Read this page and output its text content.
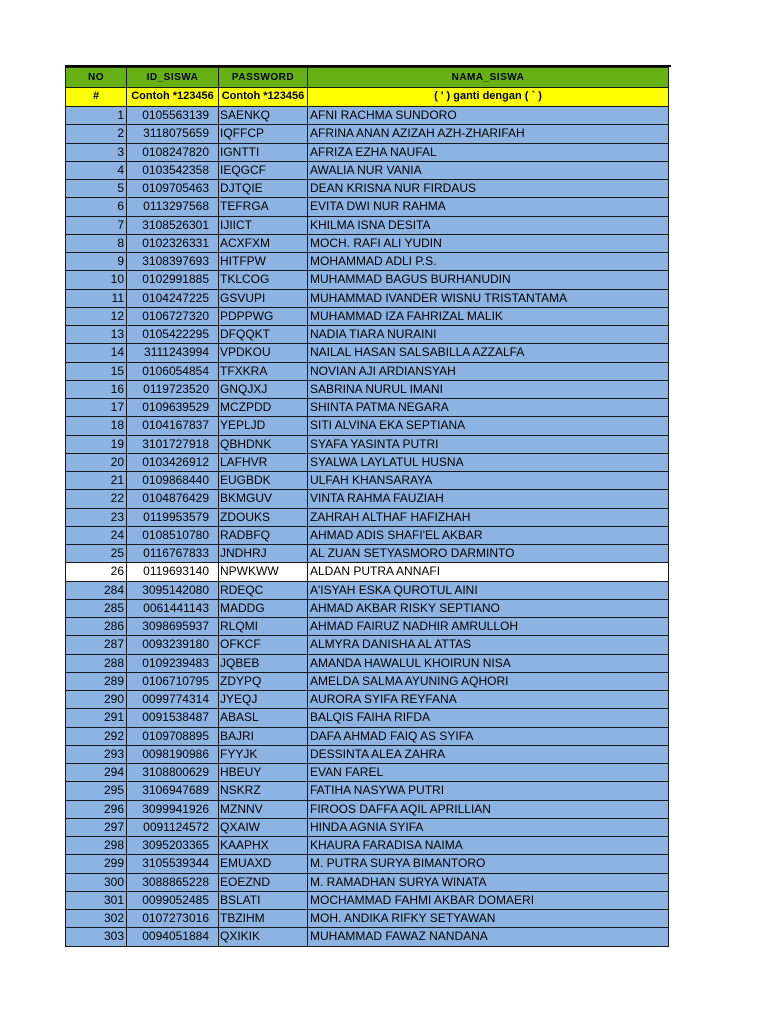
NO	ID_SISWA	PASSWORD	NAMA_SISWA
#	Contoh *123456 Contoh *123456	( ' ) ganti dengan ( ` )
1	0105563139 SAENKQ	AFNI RACHMA SUNDORO
2	3118075659 IQFFCP	AFRINA ANAN AZIZAH AZH-ZHARIFAH
3	0108247820 IGNTTI	AFRIZA EZHA NAUFAL
4	0103542358 IEQGCF	AWALIA NUR VANIA
5	0109705463 DJTQIE	DEAN KRISNA NUR FIRDAUS
6	0113297568 TEFRGA	EVITA DWI NUR RAHMA
7	3108526301 IJIICT	KHILMA ISNA DESITA
8	0102326331 ACXFXM	MOCH. RAFI ALI YUDIN
9	3108397693 HITFPW	MOHAMMAD ADLI P.S.
10	0102991885 TKLCOG	MUHAMMAD BAGUS BURHANUDIN
11	0104247225 GSVUPI	MUHAMMAD IVANDER WISNU TRISTANTAMA
12	0106727320 PDPPWG	MUHAMMAD IZA FAHRIZAL MALIK
13	0105422295 DFQQKT	NADIA TIARA NURAINI
14	3111243994 VPDKOU	NAILAL HASAN SALSABILLA AZZALFA
15	0106054854 TFXKRA	NOVIAN AJI ARDIANSYAH
16	0119723520 GNQJXJ	SABRINA NURUL IMANI
17	0109639529 MCZPDD	SHINTA PATMA NEGARA
18	0104167837 YEPLJD	SITI ALVINA EKA SEPTIANA
19	3101727918 QBHDNK	SYAFA YASINTA PUTRI
20	0103426912 LAFHVR	SYALWA LAYLATUL HUSNA
21	0109868440 EUGBDK	ULFAH KHANSARAYA
22	0104876429 BKMGUV	VINTA RAHMA FAUZIAH
23	0119953579 ZDOUKS	ZAHRAH ALTHAF HAFIZHAH
24	0108510780 RADBFQ	AHMAD ADIS SHAFI'EL AKBAR
25	0116767833 JNDHRJ	AL ZUAN SETYASMORO DARMINTO
26	0119693140 NPWKWW	ALDAN PUTRA ANNAFI
284	3095142080 RDEQC	A'ISYAH ESKA QUROTUL AINI
285	0061441143 MADDG	AHMAD AKBAR RISKY SEPTIANO
286	3098695937 RLQMI	AHMAD FAIRUZ NADHIR AMRULLOH
287	0093239180 OFKCF	ALMYRA DANISHA AL ATTAS
288	0109239483 JQBEB	AMANDA HAWALUL KHOIRUN NISA
289	0106710795 ZDYPQ	AMELDA SALMA AYUNING AQHORI
290	0099774314 JYEQJ	AURORA SYIFA REYFANA
291	0091538487 ABASL	BALQIS FAIHA RIFDA
292	0109708895 BAJRI	DAFA AHMAD FAIQ AS SYIFA
293	0098190986 FYYJK	DESSINTA ALEA ZAHRA
294	3108800629 HBEUY	EVAN FAREL
295	3106947689 NSKRZ	FATIHA NASYWA PUTRI
296	3099941926 MZNNV	FIROOS DAFFA AQIL APRILLIAN
297	0091124572 QXAIW	HINDA AGNIA SYIFA
298	3095203365 KAAPHX	KHAURA FARADISA NAIMA
299	3105539344 EMUAXD	M. PUTRA SURYA BIMANTORO
300	3088865228 EOEZND	M. RAMADHAN SURYA WINATA
301	0099052485 BSLATI	MOCHAMMAD FAHMI AKBAR DOMAERI
302	0107273016 TBZIHM	MOH. ANDIKA RIFKY SETYAWAN
303	0094051884 QXIKIK	MUHAMMAD FAWAZ NANDANA
